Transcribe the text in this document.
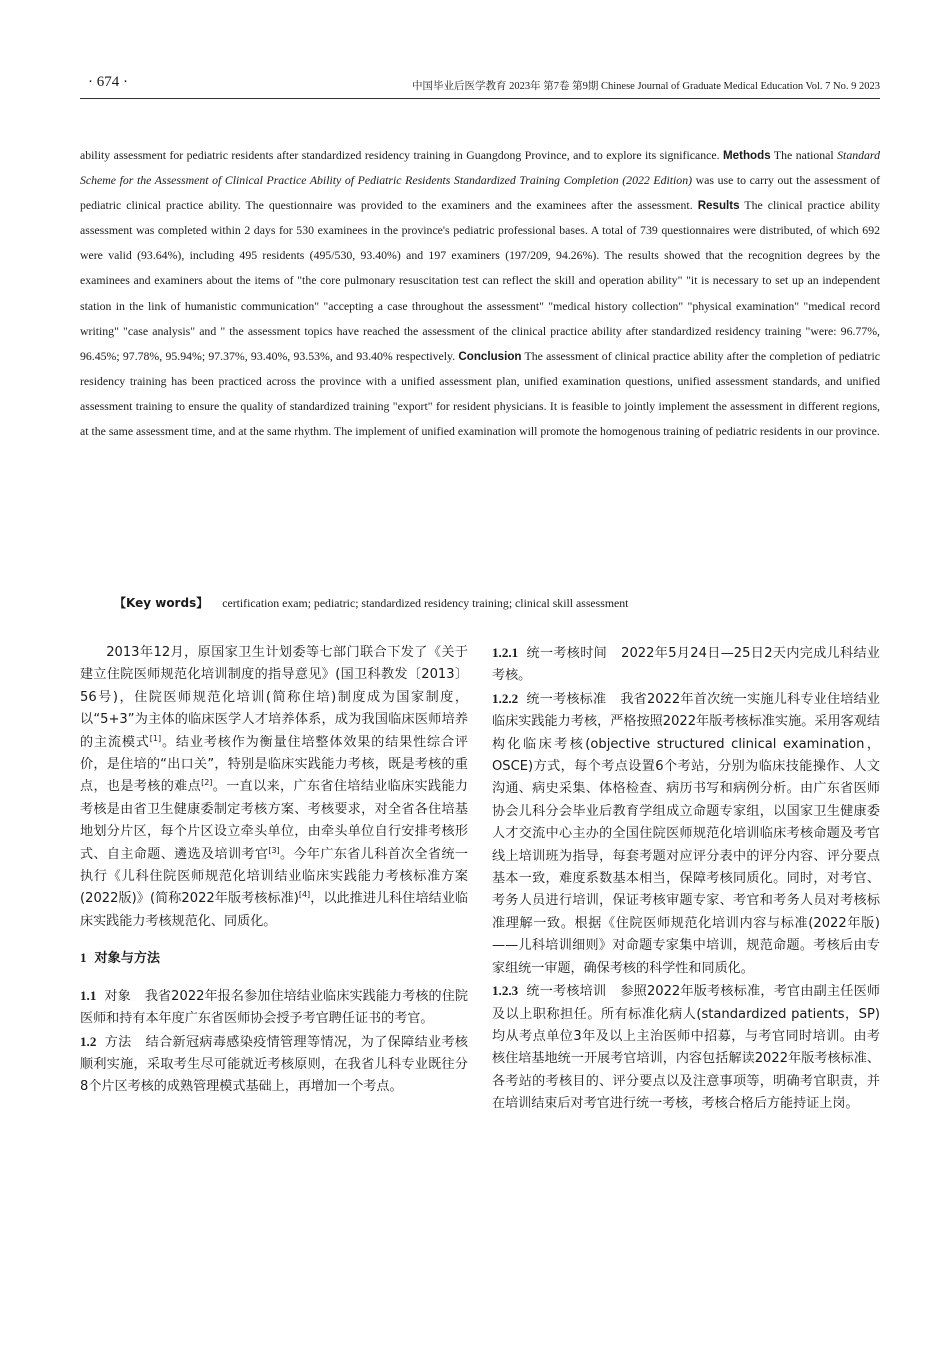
· 674 ·	中国毕业后医学教育 2023年 第7卷 第9期 Chinese Journal of Graduate Medical Education Vol. 7 No. 9 2023
ability assessment for pediatric residents after standardized residency training in Guangdong Province, and to explore its significance. Methods The national Standard Scheme for the Assessment of Clinical Practice Ability of Pediatric Residents Standardized Training Completion (2022 Edition) was use to carry out the assessment of pediatric clinical practice ability. The questionnaire was provided to the examiners and the examinees after the assessment. Results The clinical practice ability assessment was completed within 2 days for 530 examinees in the province's pediatric professional bases. A total of 739 questionnaires were distributed, of which 692 were valid (93.64%), including 495 residents (495/530, 93.40%) and 197 examiners (197/209, 94.26%). The results showed that the recognition degrees by the examinees and examiners about the items of "the core pulmonary resuscitation test can reflect the skill and operation ability" "it is necessary to set up an independent station in the link of humanistic communication" "accepting a case throughout the assessment" "medical history collection" "physical examination" "medical record writing" "case analysis" and " the assessment topics have reached the assessment of the clinical practice ability after standardized residency training "were: 96.77%, 96.45%; 97.78%, 95.94%; 97.37%, 93.40%, 93.53%, and 93.40% respectively. Conclusion The assessment of clinical practice ability after the completion of pediatric residency training has been practiced across the province with a unified assessment plan, unified examination questions, unified assessment standards, and unified assessment training to ensure the quality of standardized training "export" for resident physicians. It is feasible to jointly implement the assessment in different regions, at the same assessment time, and at the same rhythm. The implement of unified examination will promote the homogenous training of pediatric residents in our province.
【Key words】 certification exam; pediatric; standardized residency training; clinical skill assessment

2013年12月，原国家卫生计划委等七部门联合下发了《关于建立住院医师规范化培训制度的指导意见》(国卫科教发〔2013〕56号)，住院医师规范化培训(简称住培)制度成为国家制度，以“5+3”为主体的临床医学人才培养体系，成为我国临床医师培养的主流模式[1]。结业考核作为衡量住培整体效果的结果性综合评价，是住培的“出口关”，特别是临床实践能力考核，既是考核的重点，也是考核的难点[2]。一直以来，广东省住培结业临床实践能力考核是由省卫生健康委制定考核方案、考核要求，对全省各住培基地划分片区，每个片区设立牵头单位，由牵头单位自行安排考核形式、自主命题、遴选及培训考官[3]。今年广东省儿科首次全省统一执行《儿科住院医师规范化培训结业临床实践能力考核标准方案(2022版)》(简称2022年版考核标准)[4]，以此推进儿科住培结业临床实践能力考核规范化、同质化。

1 对象与方法

1.1 对象 我省2022年报名参加住培结业临床实践能力考核的住院医师和持有本年度广东省医师协会授予考官聘任证书的考官。

1.2 方法 结合新冠病毒感染疫情管理等情况，为了保障结业考核顺利实施，采取考生尽可能就近考核原则，在我省儿科专业既往分8个片区考核的成熟管理模式基础上，再增加一个考点。

1.2.1 统一考核时间 2022年5月24日—25日2天内完成儿科结业考核。

1.2.2 统一考核标准 我省2022年首次统一实施儿科专业住培结业临床实践能力考核，严格按照2022年版考核标准实施。采用客观结构化临床考核(objective structured clinical examination，OSCE)方式，每个考点设置6个考站，分别为临床技能操作、人文沟通、病史采集、体格检查、病历书写和病例分析。由广东省医师协会儿科分会毕业后教育学组成立命题专家组，以国家卫生健康委人才交流中心主办的全国住院医师规范化培训临床考核命题及考官线上培训班为指导，每套考题对应评分表中的评分内容、评分要点基本一致，难度系数基本相当，保障考核同质化。同时，对考官、考务人员进行培训，保证考核审题专家、考官和考务人员对考核标准理解一致。根据《住院医师规范化培训内容与标准(2022年版)——儿科培训细则》对命题专家集中培训，规范命题。考核后由专家组统一审题，确保考核的科学性和同质化。

1.2.3 统一考核培训 参照2022年版考核标准，考官由副主任医师及以上职称担任。所有标准化病人(standardized patients，SP)均从考点单位3年及以上主治医师中招募，与考官同时培训。由考核住培基地统一开展考官培训，内容包括解读2022年版考核标准、各考站的考核目的、评分要点以及注意事项等，明确考官职责，并在培训结束后对考官进行统一考核，考核合格后方能持证上岗。
